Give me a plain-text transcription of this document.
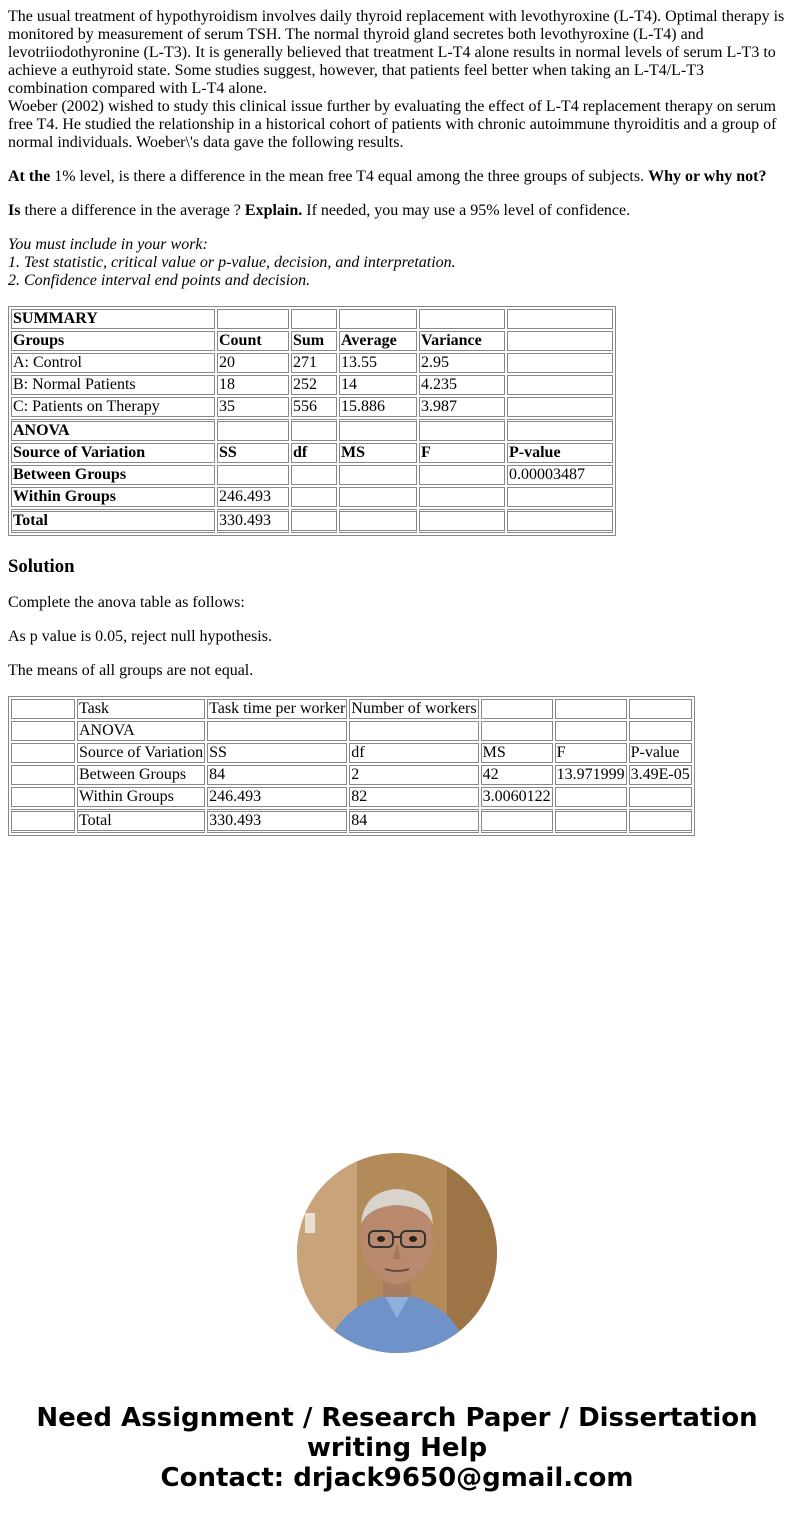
The usual treatment of hypothyroidism involves daily thyroid replacement with levothyroxine (L-T4). Optimal therapy is monitored by measurement of serum TSH. The normal thyroid gland secretes both levothyroxine (L-T4) and levotriiodothyronine (L-T3). It is generally believed that treatment L-T4 alone results in normal levels of serum L-T3 to achieve a euthyroid state. Some studies suggest, however, that patients feel better when taking an L-T4/L-T3 combination compared with L-T4 alone.

Woeber (2002) wished to study this clinical issue further by evaluating the effect of L-T4 replacement therapy on serum free T4. He studied the relationship in a historical cohort of patients with chronic autoimmune thyroiditis and a group of normal individuals. Woeber\'s data gave the following results.

At the 1% level, is there a difference in the mean free T4 equal among the three groups of subjects. Why or why not?

Is there a difference in the average ? Explain. If needed, you may use a 95% level of confidence.

You must include in your work:
1. Test statistic, critical value or p-value, decision, and interpretation.
2. Confidence interval end points and decision.
SUMMARY					
Groups	Count	Sum	Average	Variance	
A: Control	20	271	13.55	2.95	
B: Normal Patients	18	252	14	4.235	
C: Patients on Therapy	35	556	15.886	3.987	
ANOVA					
Source of Variation	SS	df	MS	F	P-value
Between Groups					0.00003487
Within Groups	246.493				
Total	330.493				
Solution

Complete the anova table as follows:

As p value is 0.05, reject null hypothesis.

The means of all groups are not equal.

	Task	Task time per worker	Number of workers			
	ANOVA					
	Source of Variation	SS	df	MS	F	P-value
	Between Groups	84	2	42	13.971999	3.49E-05
	Within Groups	246.493	82	3.0060122		
	Total	330.493	84			
Need Assignment / Research Paper / Dissertation
writing Help
Contact: drjack9650@gmail.com
